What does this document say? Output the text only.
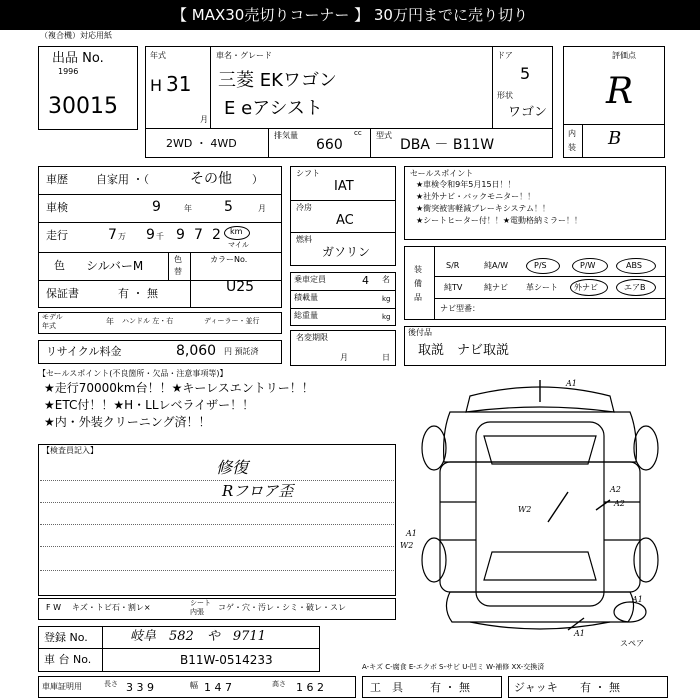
【 MAX30売切りコーナー 】 30万円までに売り切り
（複合機）対応用紙
出品 No.
1996
30015
年式
H 31
月
車名・グレード
三菱 EKワゴン
E eアシスト
ドア
5
形状
ワゴン
2WD ・ 4WD
排気量
660
cc 型式
DBA － B11W
評価点
R
内
装 B
車歴	自家用 ・（	その他 ）
車検	9	年 5	月
走行	7 万 9 千 9 7 2 km
マイル
色 シルバーM	色
替
カラーNo.
U25
保証書	有 ・ 無
モデル
年式	年 ハンドル 左・右	ディーラー・並行
リサイクル料金	8,060 円 預託済
シフト
IAT
冷房
AC
燃料
ガソリン
乗車定員	4 名
積載量	kg
総重量	kg
名変期限
月	日
セールスポイント
★車検令和9年5月15日！！
★社外ナビ・バックモニター！！
★衝突被害軽減ブレーキシステム！！
★シートヒーター付！！★電動格納ミラー！！
装
備
品
S/R	純A/W	P/S	P/W	ABS
純TV	純ナビ 革シート 外ナビ	エアB
ナビ型番：
後付品
取説　ナビ取説
【セールスポイント(不良箇所・欠品・注意事項等)】
★走行70000km台！！★キーレスエントリー！！
★ETC付！！★H・LLレベライザー！！
★内・外装クリーニング済！！
【検査員記入】
修復
Rフロア歪
A1
A2
A2
W2
W2
A1
A1
A1
スペア
F W キズ・トビ石・割レ×	シート
内張 コゲ・穴・汚レ・シミ・破レ・スレ
登録 No.	岐阜　582　や　9711
車 台 No.	B11W-0514233	A-キズ C-腐食 E-エクボ S-サビ U-凹ミ W-補修 XX-交換済
車庫証明用	長さ 3 3 9	幅 1 4 7	高さ 1 6 2	工　具 有 ・ 無	ジャッキ 有 ・ 無
